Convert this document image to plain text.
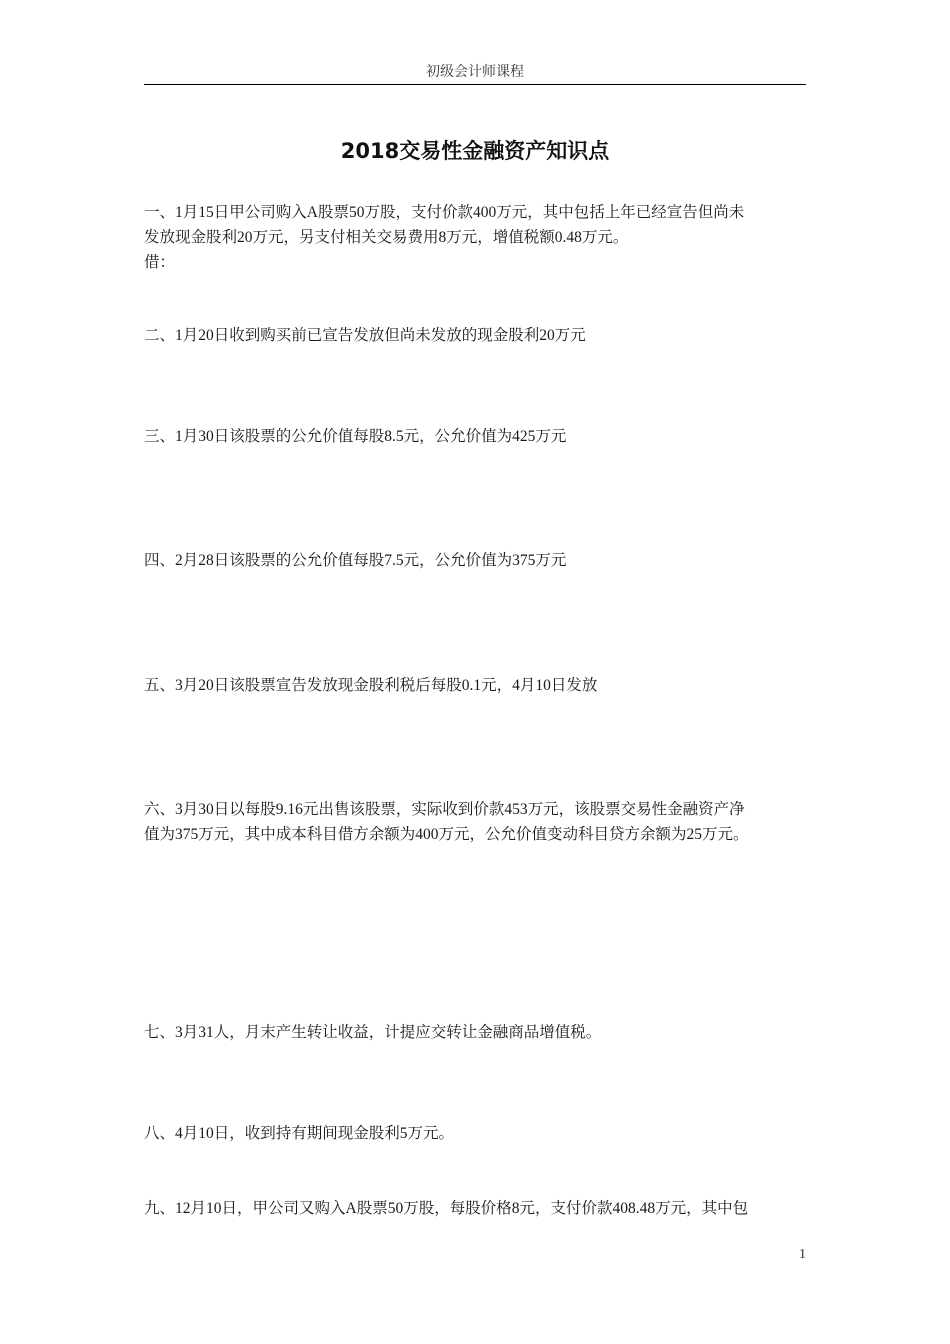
初级会计师课程
2018交易性金融资产知识点
一、1月15日甲公司购入A股票50万股，支付价款400万元，其中包括上年已经宣告但尚未
发放现金股利20万元，另支付相关交易费用8万元，增值税额0.48万元。
借：
二、1月20日收到购买前已宣告发放但尚未发放的现金股利20万元
三、1月30日该股票的公允价值每股8.5元，公允价值为425万元
四、2月28日该股票的公允价值每股7.5元，公允价值为375万元
五、3月20日该股票宣告发放现金股利税后每股0.1元，4月10日发放
六、3月30日以每股9.16元出售该股票，实际收到价款453万元，该股票交易性金融资产净
值为375万元，其中成本科目借方余额为400万元，公允价值变动科目贷方余额为25万元。
七、3月31人，月末产生转让收益，计提应交转让金融商品增值税。
八、4月10日，收到持有期间现金股利5万元。
九、12月10日，甲公司又购入A股票50万股，每股价格8元，支付价款408.48万元，其中包
1
